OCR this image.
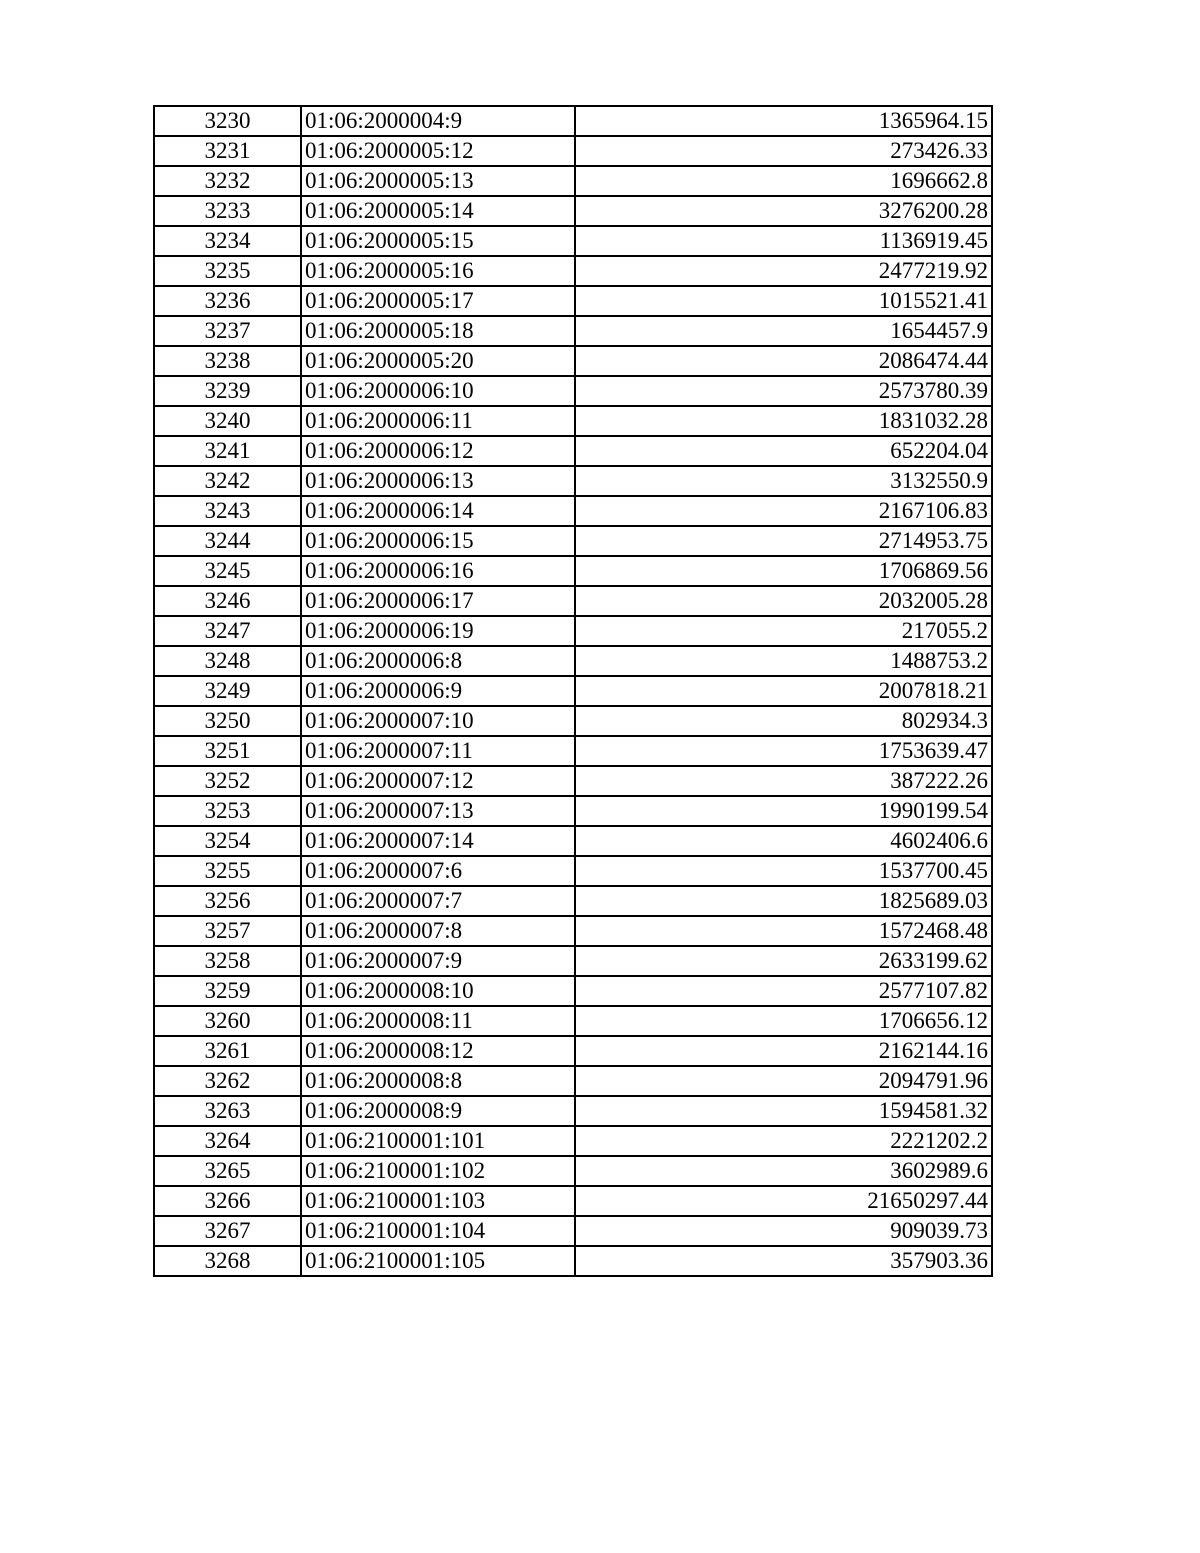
3230	01:06:2000004:9	1365964.15
3231	01:06:2000005:12	273426.33
3232	01:06:2000005:13	1696662.8
3233	01:06:2000005:14	3276200.28
3234	01:06:2000005:15	1136919.45
3235	01:06:2000005:16	2477219.92
3236	01:06:2000005:17	1015521.41
3237	01:06:2000005:18	1654457.9
3238	01:06:2000005:20	2086474.44
3239	01:06:2000006:10	2573780.39
3240	01:06:2000006:11	1831032.28
3241	01:06:2000006:12	652204.04
3242	01:06:2000006:13	3132550.9
3243	01:06:2000006:14	2167106.83
3244	01:06:2000006:15	2714953.75
3245	01:06:2000006:16	1706869.56
3246	01:06:2000006:17	2032005.28
3247	01:06:2000006:19	217055.2
3248	01:06:2000006:8	1488753.2
3249	01:06:2000006:9	2007818.21
3250	01:06:2000007:10	802934.3
3251	01:06:2000007:11	1753639.47
3252	01:06:2000007:12	387222.26
3253	01:06:2000007:13	1990199.54
3254	01:06:2000007:14	4602406.6
3255	01:06:2000007:6	1537700.45
3256	01:06:2000007:7	1825689.03
3257	01:06:2000007:8	1572468.48
3258	01:06:2000007:9	2633199.62
3259	01:06:2000008:10	2577107.82
3260	01:06:2000008:11	1706656.12
3261	01:06:2000008:12	2162144.16
3262	01:06:2000008:8	2094791.96
3263	01:06:2000008:9	1594581.32
3264	01:06:2100001:101	2221202.2
3265	01:06:2100001:102	3602989.6
3266	01:06:2100001:103	21650297.44
3267	01:06:2100001:104	909039.73
3268	01:06:2100001:105	357903.36
